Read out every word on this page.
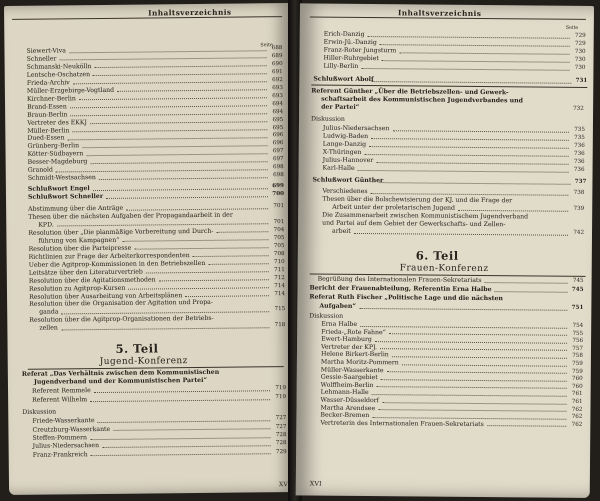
Inhaltsverzeichnis
Seite
Siewert-Viva	688
Schneller	689
Schmanski-Neukölln	690
Lentsche-Oschatzen	691
Frieda-Archiv	692
Müller-Erzgebirge-Vogtland	693
Kirchner-Berlin	693
Brand-Essen	694
Braun-Berlin	694
Vertreter des EKKJ	695
Müller-Berlin	695
Dued-Essen	696
Grünberg-Berlin	696
Kötter-Südbayern	697
Besser-Magdeburg	697
Granold	698
Schmidt-Westsachsen	698
Schlußwort Engel	699
Schlußwort Schneller	700
Abstimmung über die Anträge	701
Thesen über die nächsten Aufgaben der Propagandaarbeit in der
KPD.	701
Resolution über „Die planmäßige Vorbereitung und Durch-	704
führung von Kampagnen“	705
Resolution über die Parteipresse	705
Richtlinien zur Frage der Arbeiterkorrespondenten	708
Ueber die Agitprop-Kommissionen in den Betriebszellen	710
Leitsätze über den Literaturvertrieb	711
Resolution über die Agitationsmethoden	712
Resolution zu Agitprop-Kursen	714
Resolution über Ausarbeitung von Arbeitsplänen	714
Resolution über die Organisation der Agitation und Propa-
ganda	715
Resolution über die Agitprop-Organisationen der Betriebs-
zellen	718
5. Teil
Jugend-Konferenz
Referat „Das Verhältnis zwischen dem Kommunistischen
Jugendverband und der Kommunistischen Partei“
Referent Remmele	719
Referent Wilhelm	719
Diskussion
Friede-Wasserkante	727
Creutzburg-Wasserkante	727
Steffen-Pommern	728
Julius-Niedersachsen	728
Franz-Frankreich	729
XV
Inhaltsverzeichnis
Seite
Erich-Danzig	729
Erwin-Jü.-Danzig	729
Franz-Roter Jungsturm	730
Hiller-Ruhrgebiet	730
Lilly-Berlin	730
Schlußwort Abolf	731
Referent Günther „Über die Betriebszellen- und Gewerk-
schaftsarbeit des Kommunistischen Jugendverbandes und
der Partei“	732
Diskussion
Julius-Niedersachsen	735
Ludwig-Baden	735
Lange-Danzig	736
X-Thüringen	736
Julius-Hannover	736
Karl-Halle	736
Schlußwort Günther	737
Verschiedenes	738
Thesen über die Bolschewisierung der KJ. und die Frage der
Arbeit unter der proletarischen Jugend	739
Die Zusammenarbeit zwischen Kommunistischem Jugendverband
und Partei auf dem Gebiet der Gewerkschafts- und Zellen-
arbeit	742
6. Teil
Frauen-Konferenz
Begrüßung des Internationalen Frauen-Sekretariats	745
Bericht der Frauenabteilung, Referentin Erna Halbe	745
Referat Ruth Fischer „Politische Lage und die nächsten
Aufgaben“	751
Diskussion
Erna Halbe	754
Frieda-„Rote Fahne“	755
Ewert-Hamburg	756
Vertreter der KPJ.	757
Helene Birkert-Berlin	758
Martha Moritz-Pommern	759
Müller-Wasserkante	759
Gessie-Saargebiet	760
Wolffheim-Berlin	760
Lehmann-Halle	761
Wasser-Düsseldorf	761
Martha Arendsee	762
Becker-Bremen	762
Vertreterin des Internationalen Frauen-Sekretariats	762
XVI
